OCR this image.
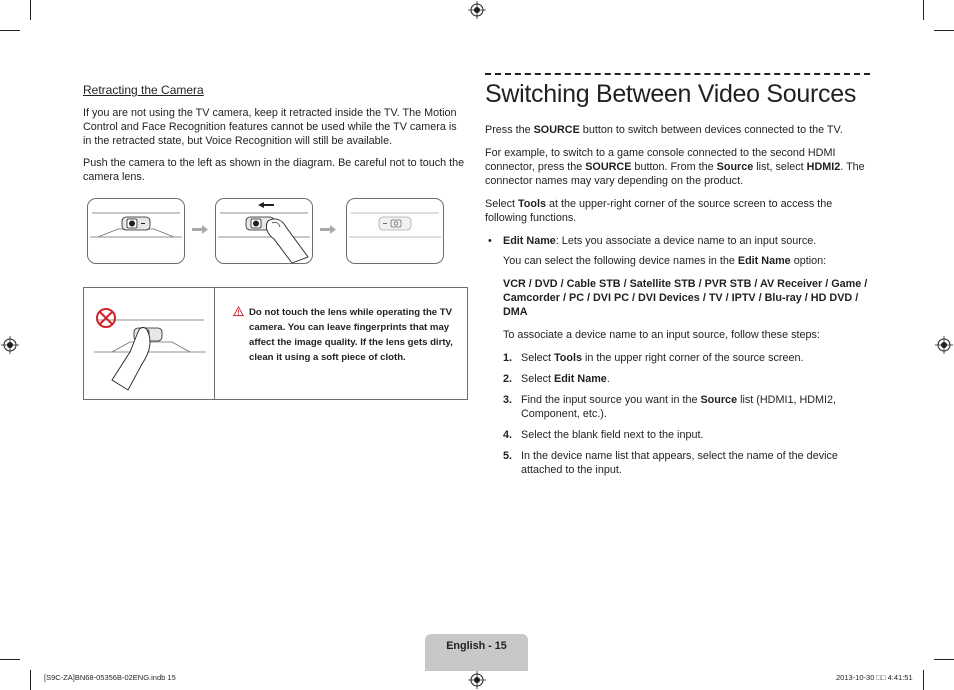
Retracting the Camera

If you are not using the TV camera, keep it retracted inside the TV. The Motion Control and Face Recognition features cannot be used while the TV camera is in the retracted state, but Voice Recognition will still be available.

Push the camera to the left as shown in the diagram. Be careful not to touch the camera lens.

Do not touch the lens while operating the TV camera. You can leave fingerprints that may affect the image quality. If the lens gets dirty, clean it using a soft piece of cloth.
Switching Between Video Sources

Press the SOURCE button to switch between devices connected to the TV.

For example, to switch to a game console connected to the second HDMI connector, press the SOURCE button. From the Source list, select HDMI2. The connector names may vary depending on the product.

Select Tools at the upper-right corner of the source screen to access the following functions.

• Edit Name: Lets you associate a device name to an input source.

You can select the following device names in the Edit Name option:

VCR / DVD / Cable STB / Satellite STB / PVR STB / AV Receiver / Game / Camcorder / PC / DVI PC / DVI Devices / TV / IPTV / Blu-ray / HD DVD / DMA

To associate a device name to an input source, follow these steps:

1. Select Tools in the upper right corner of the source screen.
2. Select Edit Name.
3. Find the input source you want in the Source list (HDMI1, HDMI2, Component, etc.).
4. Select the blank field next to the input.
5. In the device name list that appears, select the name of the device attached to the input.
English - 15
[S9C-ZA]BN68-05356B-02ENG.indb 15	2013-10-30 □□ 4:41:51
